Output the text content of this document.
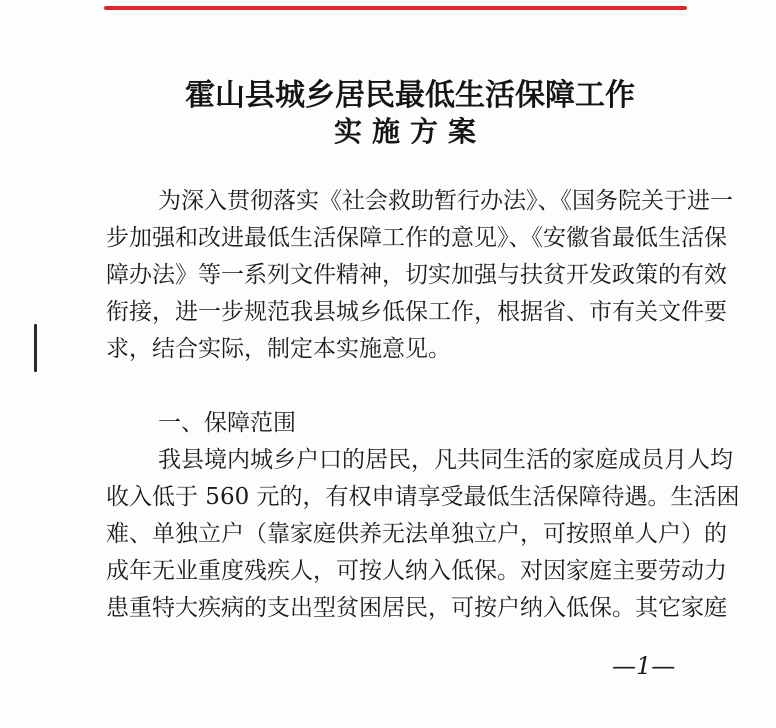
霍山县城乡居民最低生活保障工作
实施方案

为深入贯彻落实《社会救助暂行办法》、《国务院关于进一

步加强和改进最低生活保障工作的意见》、《安徽省最低生活保

障办法》等一系列文件精神，切实加强与扶贫开发政策的有效

衔接，进一步规范我县城乡低保工作，根据省、市有关文件要

求，结合实际，制定本实施意见。

一、保障范围

我县境内城乡户口的居民，凡共同生活的家庭成员月人均

收入低于 560 元的，有权申请享受最低生活保障待遇。生活困

难、单独立户（靠家庭供养无法单独立户，可按照单人户）的

成年无业重度残疾人，可按人纳入低保。对因家庭主要劳动力

患重特大疾病的支出型贫困居民，可按户纳入低保。其它家庭

—1—
